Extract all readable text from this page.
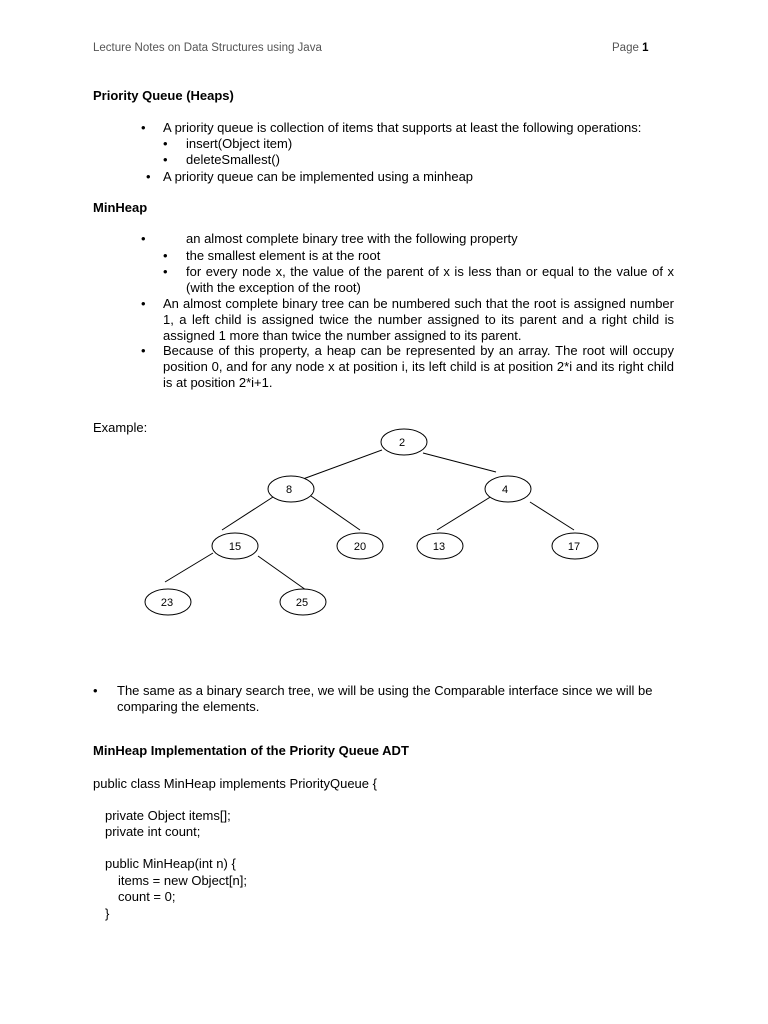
Lecture Notes on Data Structures using Java	Page 1
Priority Queue (Heaps)
• A priority queue is collection of items that supports at least the following operations:
• insert(Object item)
• deleteSmallest()
• A priority queue can be implemented using a minheap
MinHeap
•	an almost complete binary tree with the following property
• the smallest element is at the root
• for every node x, the value of the parent of x is less than or equal to the value of x (with the exception of the root)
• An almost complete binary tree can be numbered such that the root is assigned number 1, a left child is assigned twice the number assigned to its parent and a right child is assigned 1 more than twice the number assigned to its parent.
• Because of this property, a heap can be represented by an array. The root will occupy position 0, and for any node x at position i, its left child is at position 2*i and its right child is at position 2*i+1.
Example:
2
8	4
15	20	13	17
23	25
• The same as a binary search tree, we will be using the Comparable interface since we will be comparing the elements.
MinHeap Implementation of the Priority Queue ADT
public class MinHeap implements PriorityQueue {
private Object items[];
private int count;
public MinHeap(int n) {
items = new Object[n];
count = 0;
}
